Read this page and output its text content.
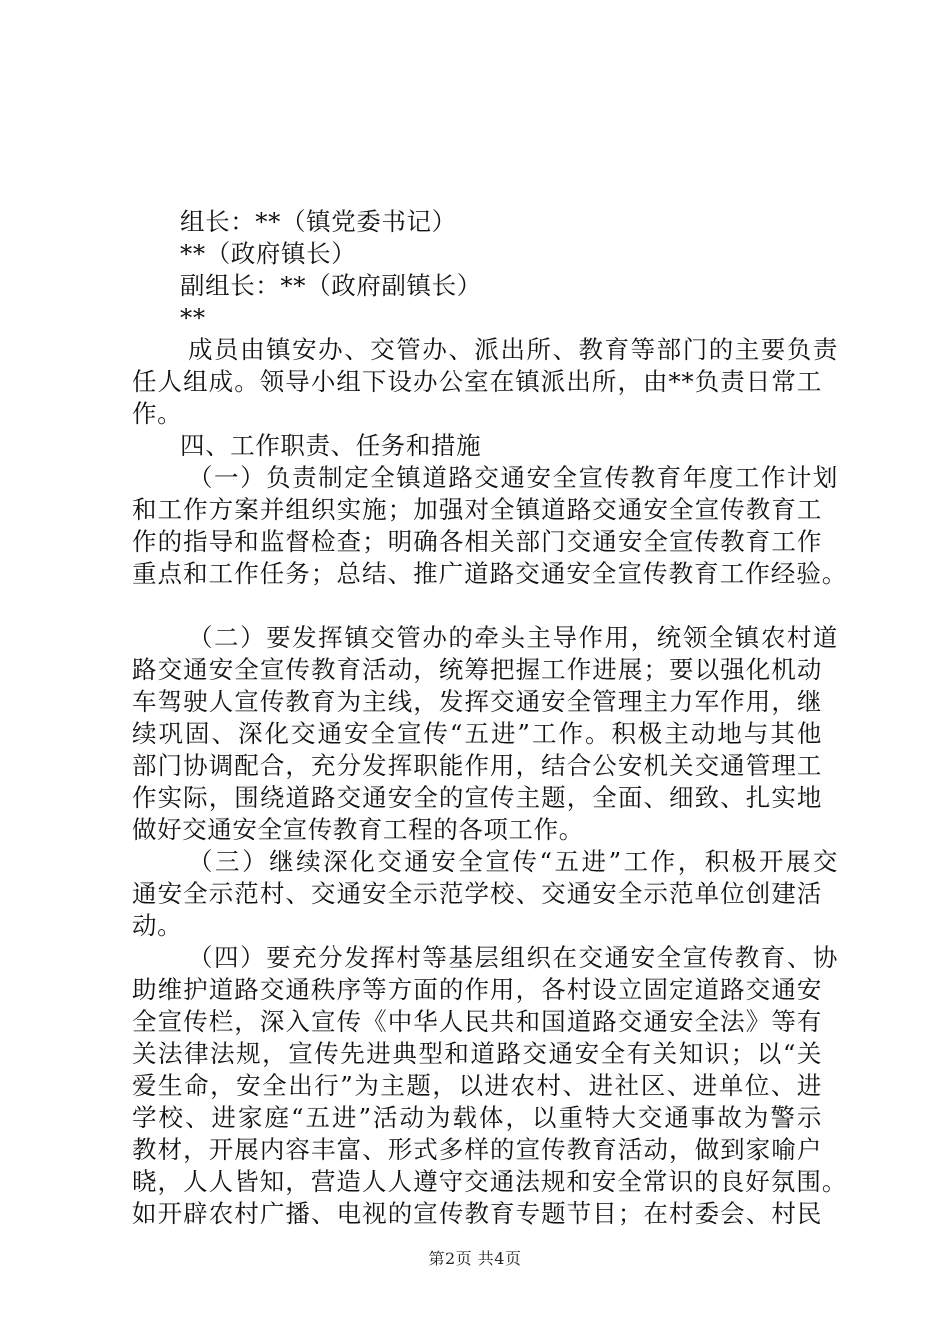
组长：**（镇党委书记）
**（政府镇长）
副组长：**（政府副镇长）
**
成员由镇安办、交管办、派出所、教育等部门的主要负责
任人组成。领导小组下设办公室在镇派出所，由**负责日常工
作。
四、工作职责、任务和措施
（一）负责制定全镇道路交通安全宣传教育年度工作计划
和工作方案并组织实施；加强对全镇道路交通安全宣传教育工
作的指导和监督检查；明确各相关部门交通安全宣传教育工作
重点和工作任务；总结、推广道路交通安全宣传教育工作经验。
（二）要发挥镇交管办的牵头主导作用，统领全镇农村道
路交通安全宣传教育活动，统筹把握工作进展；要以强化机动
车驾驶人宣传教育为主线，发挥交通安全管理主力军作用，继
续巩固、深化交通安全宣传“五进”工作。积极主动地与其他
部门协调配合，充分发挥职能作用，结合公安机关交通管理工
作实际，围绕道路交通安全的宣传主题，全面、细致、扎实地
做好交通安全宣传教育工程的各项工作。
（三）继续深化交通安全宣传“五进”工作，积极开展交
通安全示范村、交通安全示范学校、交通安全示范单位创建活
动。
（四）要充分发挥村等基层组织在交通安全宣传教育、协
助维护道路交通秩序等方面的作用，各村设立固定道路交通安
全宣传栏，深入宣传《中华人民共和国道路交通安全法》等有
关法律法规，宣传先进典型和道路交通安全有关知识；以“关
爱生命，安全出行”为主题，以进农村、进社区、进单位、进
学校、进家庭“五进”活动为载体，以重特大交通事故为警示
教材，开展内容丰富、形式多样的宣传教育活动，做到家喻户
晓，人人皆知，营造人人遵守交通法规和安全常识的良好氛围。
如开辟农村广播、电视的宣传教育专题节目；在村委会、村民
第2页 共4页
